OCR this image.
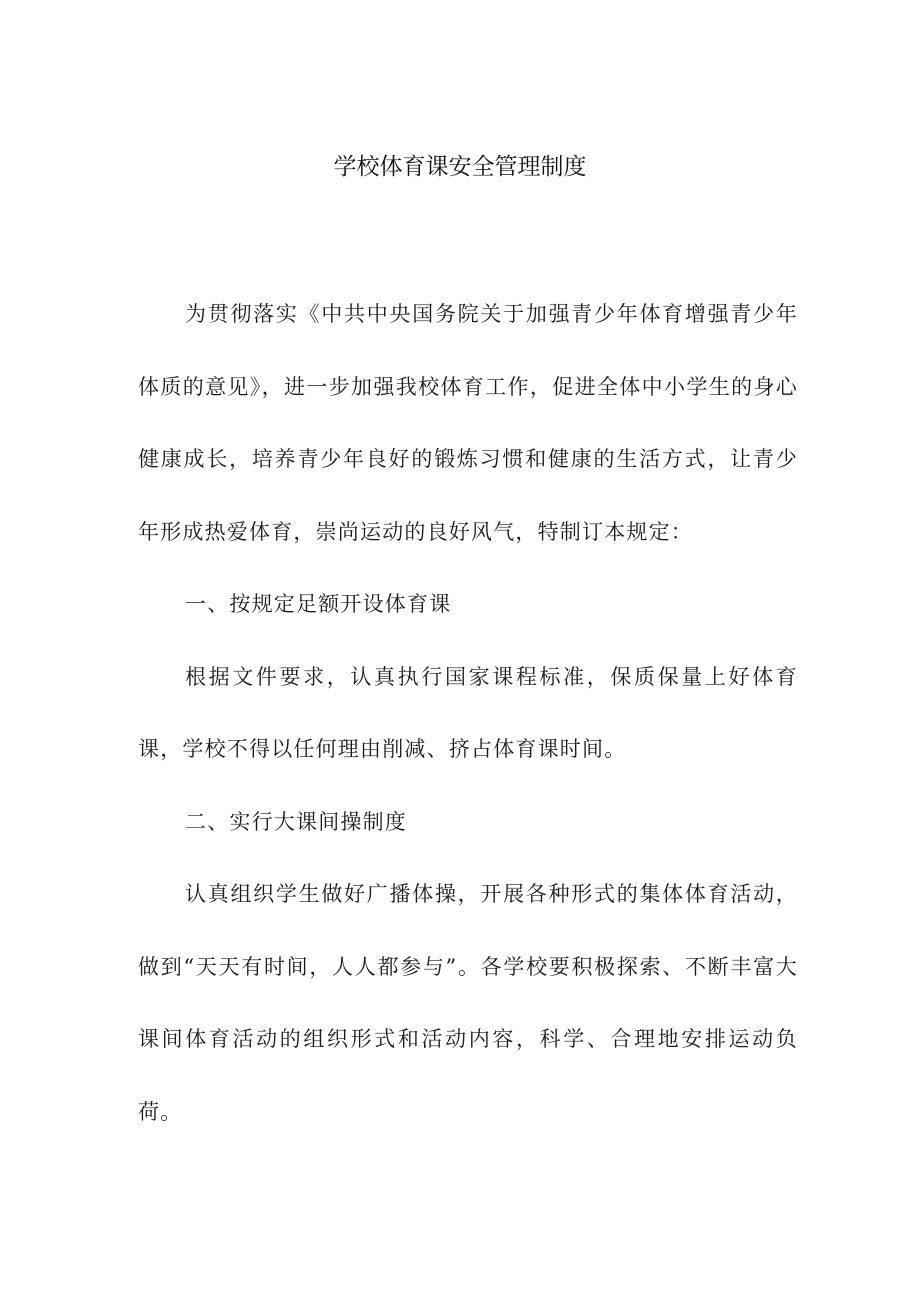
学校体育课安全管理制度

为贯彻落实《中共中央国务院关于加强青少年体育增强青少年体质的意见》，进一步加强我校体育工作，促进全体中小学生的身心健康成长，培养青少年良好的锻炼习惯和健康的生活方式，让青少年形成热爱体育，崇尚运动的良好风气，特制订本规定：

一、按规定足额开设体育课

根据文件要求，认真执行国家课程标准，保质保量上好体育课，学校不得以任何理由削减、挤占体育课时间。

二、实行大课间操制度

认真组织学生做好广播体操，开展各种形式的集体体育活动，做到“天天有时间，人人都参与”。各学校要积极探索、不断丰富大课间体育活动的组织形式和活动内容，科学、合理地安排运动负荷。
